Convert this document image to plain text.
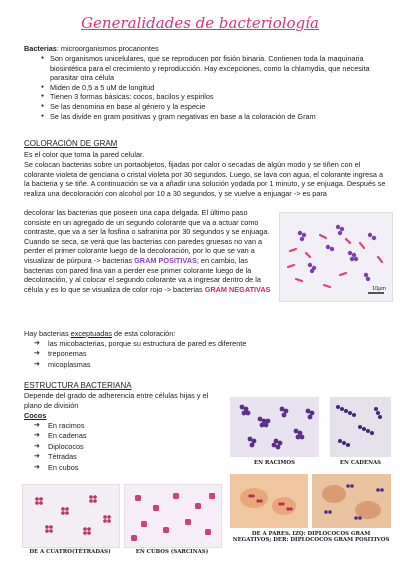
Generalidades de bacteriología
Bacterias: microorganismos procariontes
● Son organismos unicelulares, que se reproducen por fisión binaria. Contienen toda la maquinaria biosintética para el crecimiento y reproducción. Hay excepciones, como la chlamydia, que necesita parasitar otra célula
● Miden de 0,5 a 5 uM de longitud
● Tienen 3 formas básicas: cocos, bacilos y espirilos
● Se las denomina en base al género y la especie
● Se las divide en gram positivas y gram negativas en base a la coloración de Gram
COLORACIÓN DE GRAM
Es el color que toma la pared celular.
Se colocan bacterias sobre un portaobjetos, fijadas por calor o secadas de algún modo y se tiñen con el colorante violeta de genciana o cristal violeta por 30 segundos. Luego, se lava con agua, el colorante ingresa a la bacteria y se tiñe. A continuación se va a añadir una solución yodada por 1 minuto, y se enjuaga. Después se realiza una decoloración con alcohol por 10 a 30 segundos, y se vuelve a enjuagar -> es para
decolorar las bacterias que poseen una capa delgada. El último paso consiste en un agregado de un segundo colorante que va a actuar como contraste, que va a ser la fosfina o safranina por 30 segundos y se enjuaga. Cuando se seca, se verá que las bacterias con paredes gruesas no van a perder el primer colorante luego de la decoloración, por lo que se van a visualizar de púrpura -> bacterias GRAM POSITIVAS; en cambio, las bacterias con pared fina van a perder ese primer colorante luego de la decoloración, y al colocar el segundo colorante va a ingresar dentro de la célula y es lo que se visualiza de color rojo -> bacterias GRAM NEGATIVAS
Hay bacterias exceptuadas de esta coloración:
➔ las micobacterias, porque su estructura de pared es diferente
➔ treponemas
➔ micoplasmas
10μm
ESTRUCTURA BACTERIANA
Depende del grado de adherencia entre células hijas y el plano de división
Cocos
➔ En racimos
➔ En cadenas
➔ Diplococos
➔ Tétradas
➔ En cubos	EN RACIMOS	EN CADENAS
DE A CUATRO(TÉTRADAS)	EN CUBOS (SARCINAS)
DE A PARES. IZQ: DIPLOCOCOS GRAM NEGATIVOS; DER: DIPLOCOCOS GRAM POSITIVOS
